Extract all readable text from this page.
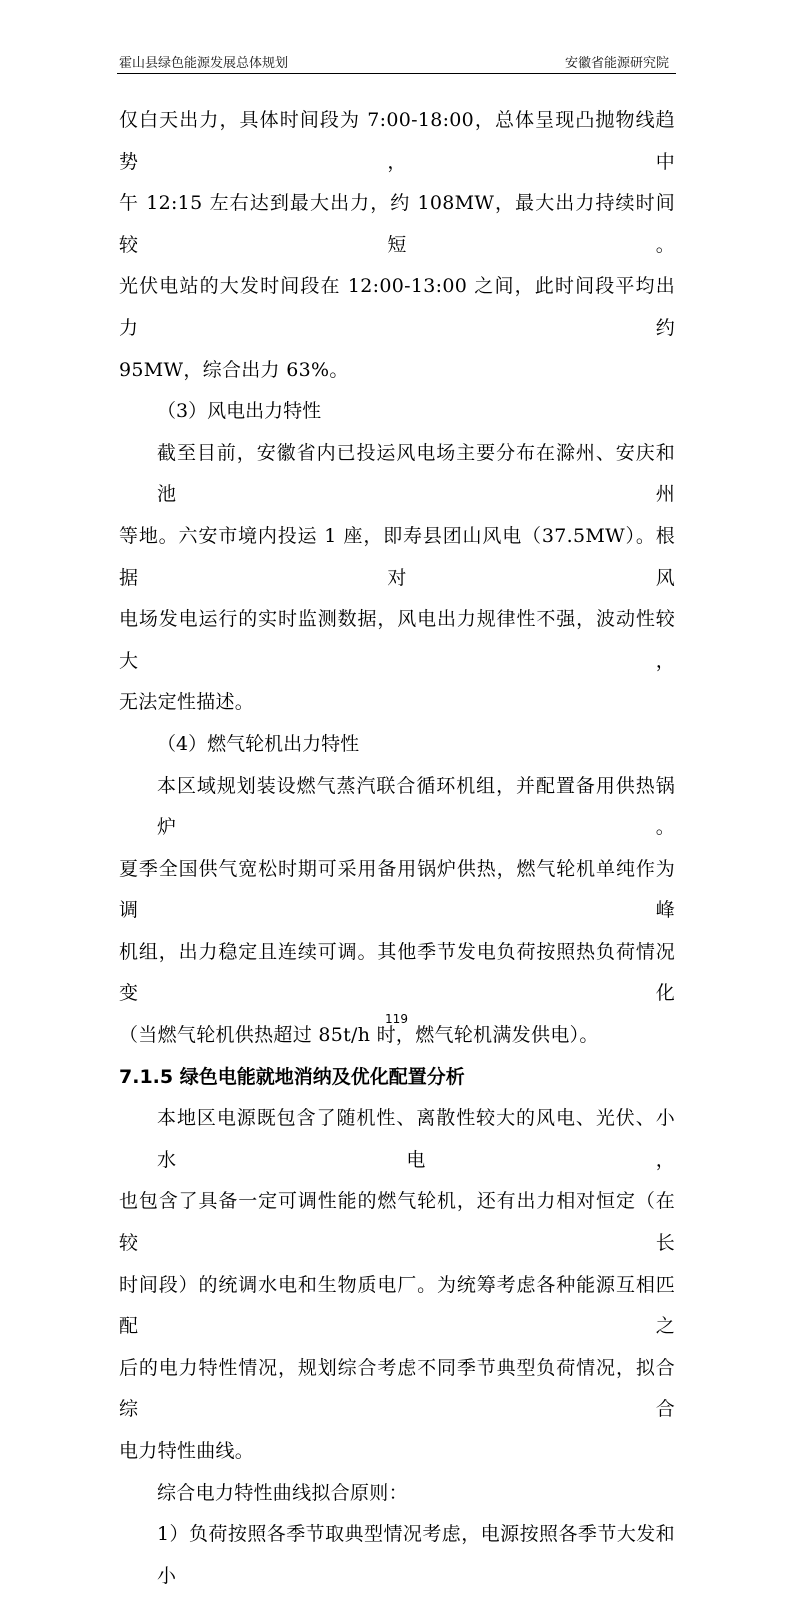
霍山县绿色能源发展总体规划	安徽省能源研究院

仅白天出力，具体时间段为 7:00-18:00，总体呈现凸抛物线趋势，中
午 12:15 左右达到最大出力，约 108MW，最大出力持续时间较短。
光伏电站的大发时间段在 12:00-13:00 之间，此时间段平均出力约
95MW，综合出力 63%。

（3）风电出力特性

截至目前，安徽省内已投运风电场主要分布在滁州、安庆和池州
等地。六安市境内投运 1 座，即寿县团山风电（37.5MW）。根据对风
电场发电运行的实时监测数据，风电出力规律性不强，波动性较大，
无法定性描述。

（4）燃气轮机出力特性

本区域规划装设燃气蒸汽联合循环机组，并配置备用供热锅炉。
夏季全国供气宽松时期可采用备用锅炉供热，燃气轮机单纯作为调峰
机组，出力稳定且连续可调。其他季节发电负荷按照热负荷情况变化
（当燃气轮机供热超过 85t/h 时，燃气轮机满发供电）。

7.1.5 绿色电能就地消纳及优化配置分析

本地区电源既包含了随机性、离散性较大的风电、光伏、小水电，
也包含了具备一定可调性能的燃气轮机，还有出力相对恒定（在较长
时间段）的统调水电和生物质电厂。为统筹考虑各种能源互相匹配之
后的电力特性情况，规划综合考虑不同季节典型负荷情况，拟合综合
电力特性曲线。

综合电力特性曲线拟合原则：

1）负荷按照各季节取典型情况考虑，电源按照各季节大发和小

119
